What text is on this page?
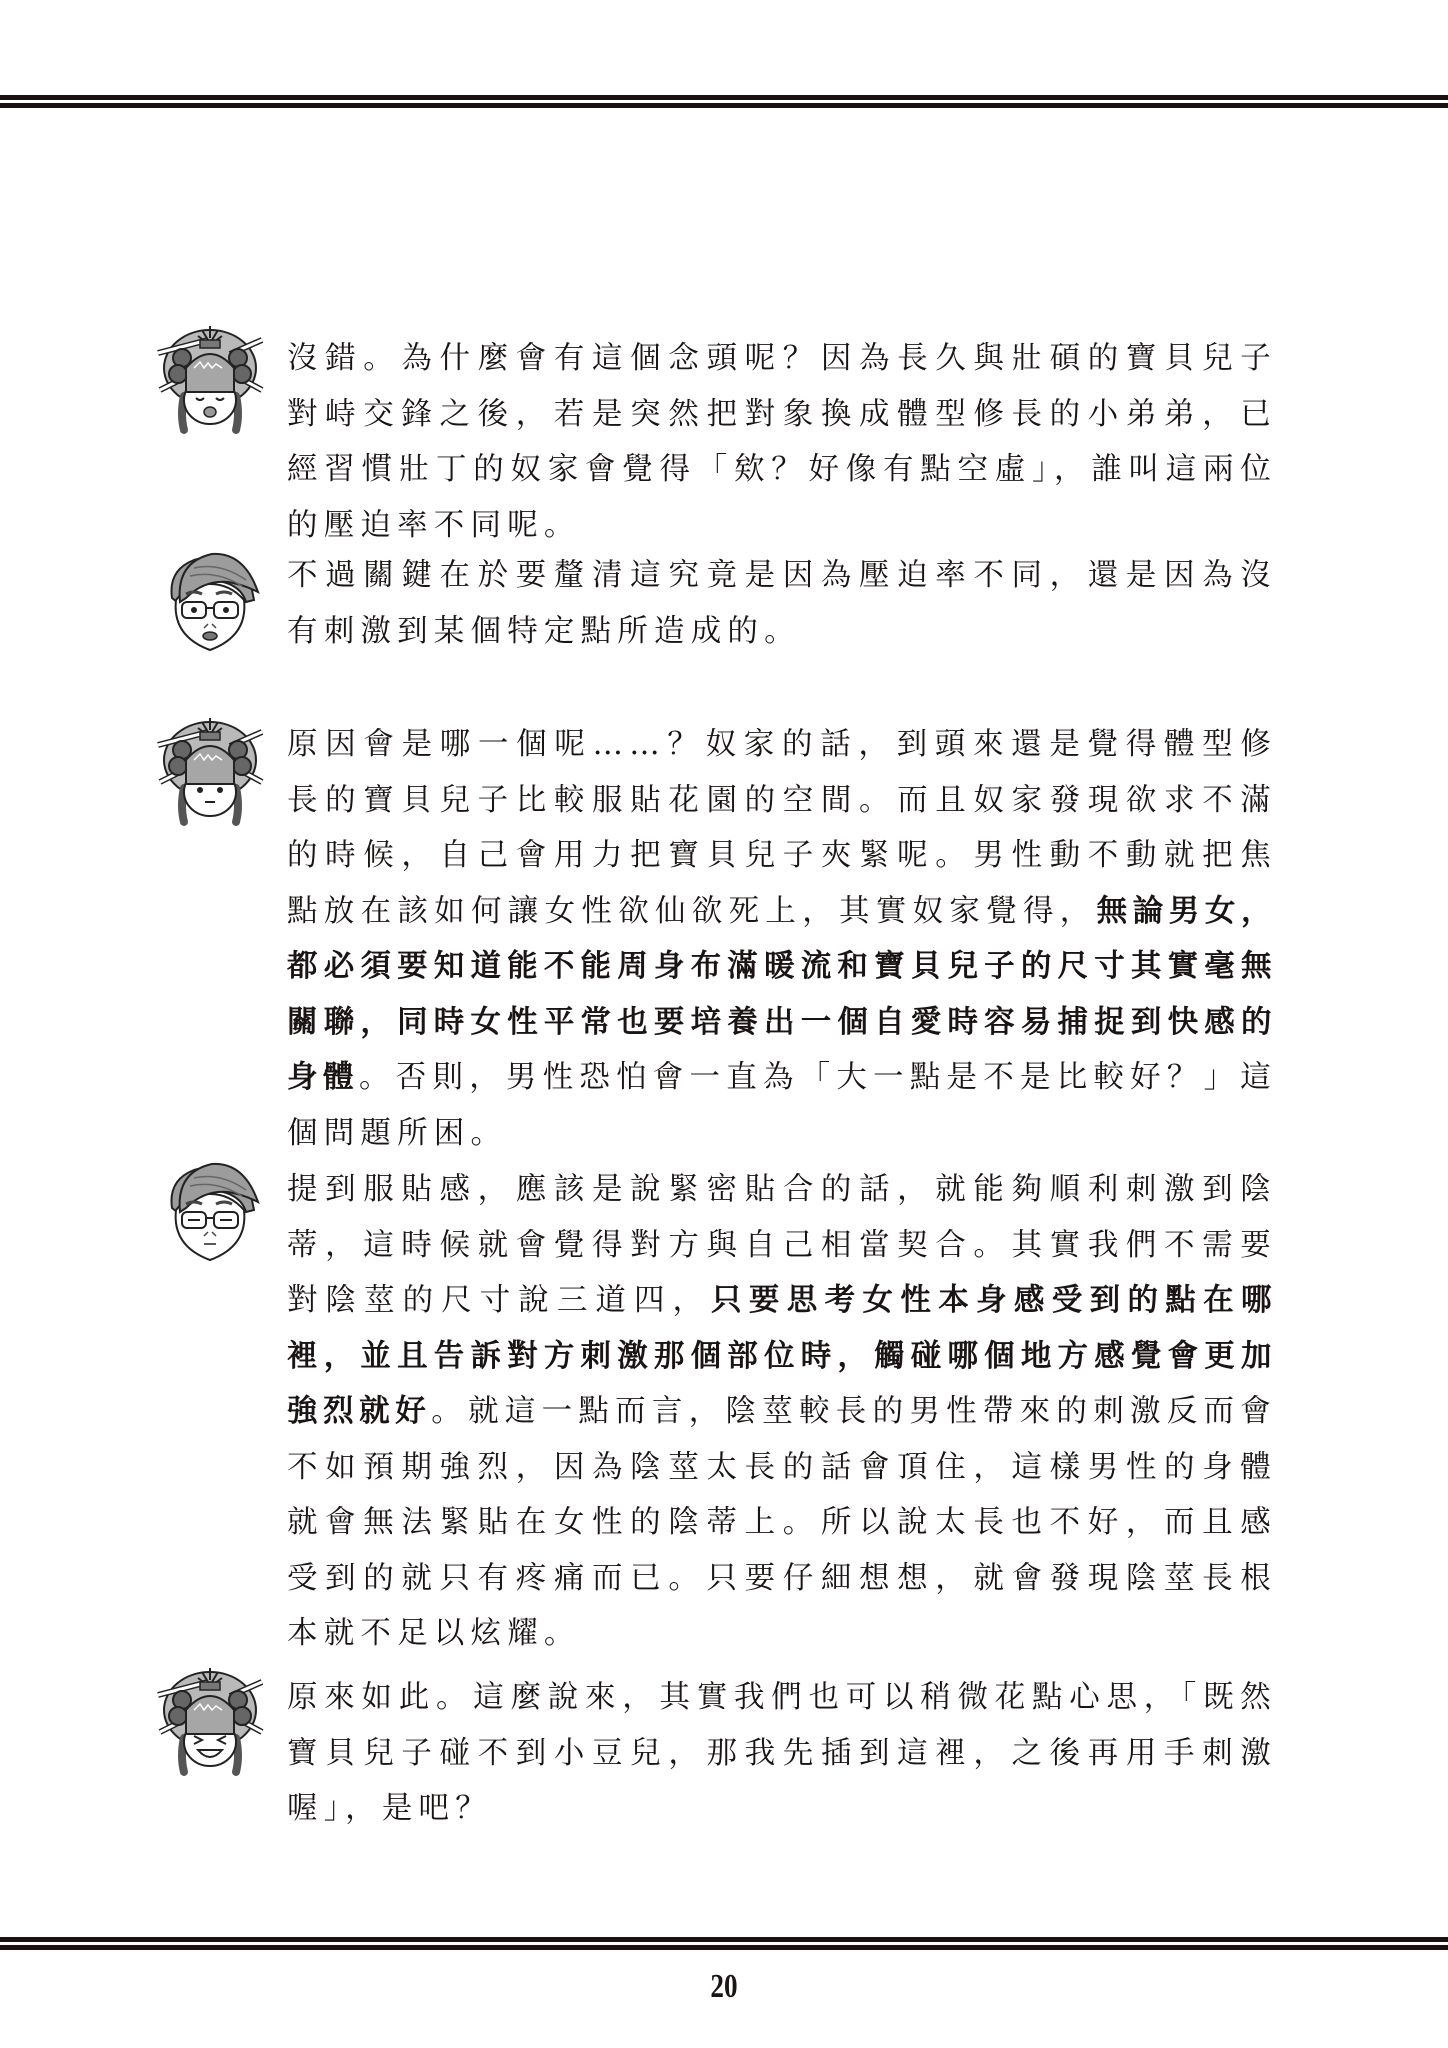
沒錯。為什麼會有這個念頭呢？因為長久與壯碩的寶貝兒子對峙交鋒之後，若是突然把對象換成體型修長的小弟弟，已經習慣壯丁的奴家會覺得「欸？好像有點空虛」，誰叫這兩位的壓迫率不同呢。
不過關鍵在於要釐清這究竟是因為壓迫率不同，還是因為沒有刺激到某個特定點所造成的。
原因會是哪一個呢……？奴家的話，到頭來還是覺得體型修長的寶貝兒子比較服貼花園的空間。而且奴家發現欲求不滿的時候，自己會用力把寶貝兒子夾緊呢。男性動不動就把焦點放在該如何讓女性欲仙欲死上，其實奴家覺得，無論男女，都必須要知道能不能周身布滿暖流和寶貝兒子的尺寸其實毫無關聯，同時女性平常也要培養出一個自愛時容易捕捉到快感的身體。否則，男性恐怕會一直為「大一點是不是比較好？」這個問題所困。
提到服貼感，應該是說緊密貼合的話，就能夠順利刺激到陰蒂，這時候就會覺得對方與自己相當契合。其實我們不需要對陰莖的尺寸說三道四，只要思考女性本身感受到的點在哪裡，並且告訴對方刺激那個部位時，觸碰哪個地方感覺會更加強烈就好。就這一點而言，陰莖較長的男性帶來的刺激反而會不如預期強烈，因為陰莖太長的話會頂住，這樣男性的身體就會無法緊貼在女性的陰蒂上。所以說太長也不好，而且感受到的就只有疼痛而已。只要仔細想想，就會發現陰莖長根本就不足以炫耀。
原來如此。這麼說來，其實我們也可以稍微花點心思，「既然寶貝兒子碰不到小豆兒，那我先插到這裡，之後再用手刺激喔」，是吧？
20
